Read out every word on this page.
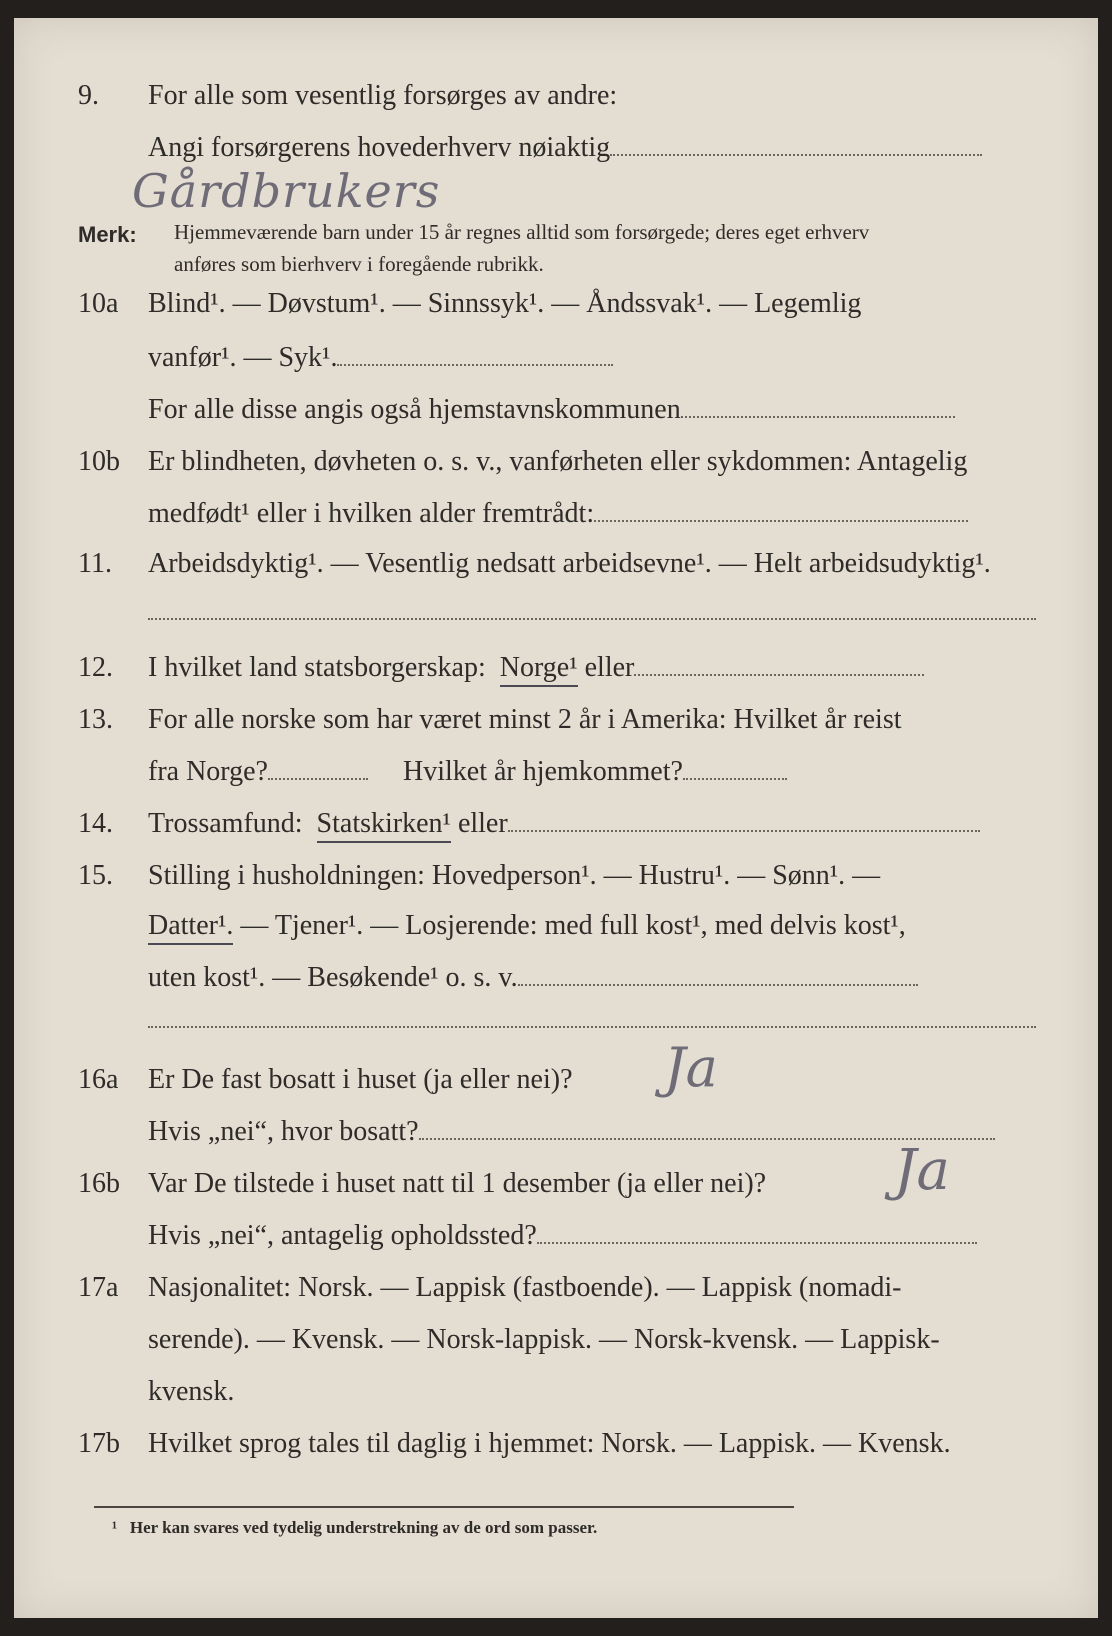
9. For alle som vesentlig forsørges av andre:
Angi forsørgerens hovederhverv nøiaktig
Gårdbrukers
Merk: Hjemmeværende barn under 15 år regnes alltid som forsørgede; deres eget erhverv
anføres som bierhverv i foregående rubrikk.
10a Blind¹. — Døvstum¹. — Sinnssyk¹. — Åndssvak¹. — Legemlig
vanfør¹. — Syk¹.
For alle disse angis også hjemstavnskommunen
10b Er blindheten, døvheten o. s. v., vanførheten eller sykdommen: Antagelig
medfødt¹ eller i hvilken alder fremtrådt:
11. Arbeidsdyktig¹. — Vesentlig nedsatt arbeidsevne¹. — Helt arbeidsudyktig¹.
12. I hvilket land statsborgerskap: Norge¹ eller
13. For alle norske som har været minst 2 år i Amerika: Hvilket år reist
fra Norge?	Hvilket år hjemkommet?
14. Trossamfund: Statskirken¹ eller
15. Stilling i husholdningen: Hovedperson¹. — Hustru¹. — Sønn¹. —
Datter¹. — Tjener¹. — Losjerende: med full kost¹, med delvis kost¹,
uten kost¹. — Besøkende¹ o. s. v.
16a Er De fast bosatt i huset (ja eller nei)? Ja
Hvis „nei“, hvor bosatt?
16b Var De tilstede i huset natt til 1 desember (ja eller nei)? Ja
Hvis „nei“, antagelig opholdssted?
17a Nasjonalitet: Norsk. — Lappisk (fastboende). — Lappisk (nomadi-
serende). — Kvensk. — Norsk-lappisk. — Norsk-kvensk. — Lappisk-
kvensk.
17b Hvilket sprog tales til daglig i hjemmet: Norsk. — Lappisk. — Kvensk.
¹ Her kan svares ved tydelig understrekning av de ord som passer.
